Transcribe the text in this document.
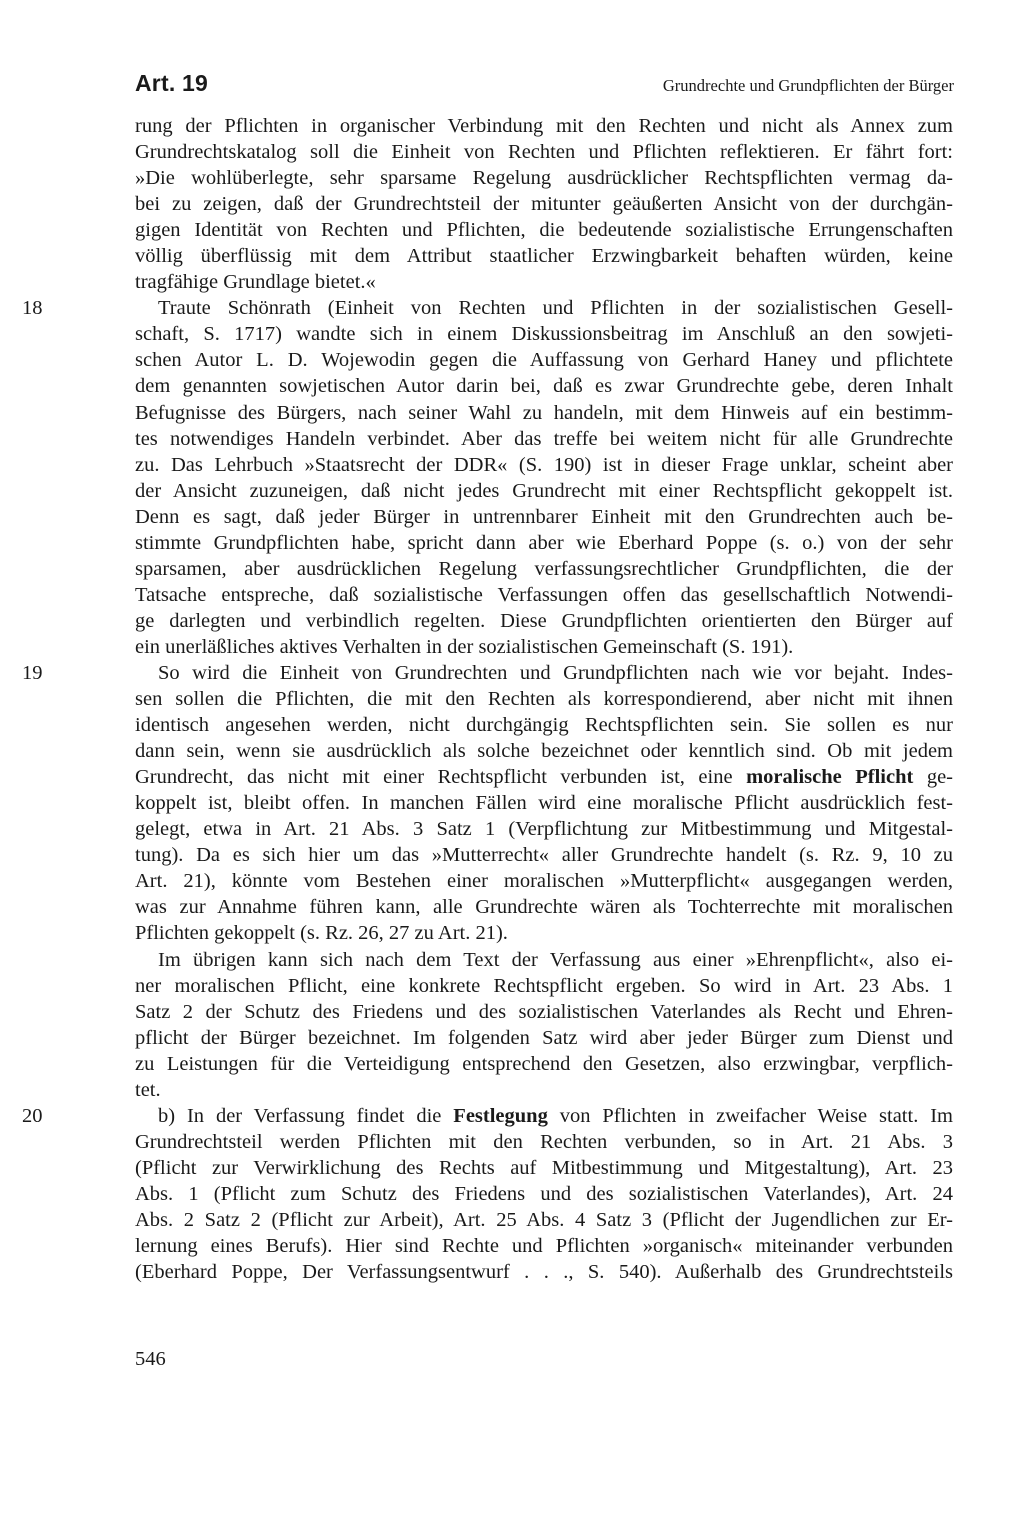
Art. 19	Grundrechte und Grundpflichten der Bürger
rung der Pflichten in organischer Verbindung mit den Rechten und nicht als Annex zum
Grundrechtskatalog soll die Einheit von Rechten und Pflichten reflektieren. Er fährt fort:
»Die wohlüberlegte, sehr sparsame Regelung ausdrücklicher Rechtspflichten vermag da-
bei zu zeigen, daß der Grundrechtsteil der mitunter geäußerten Ansicht von der durchgän-
gigen Identität von Rechten und Pflichten, die bedeutende sozialistische Errungenschaften
völlig überflüssig mit dem Attribut staatlicher Erzwingbarkeit behaften würden, keine
tragfähige Grundlage bietet.«
Traute Schönrath (Einheit von Rechten und Pflichten in der sozialistischen Gesell-
18
schaft, S. 1717) wandte sich in einem Diskussionsbeitrag im Anschluß an den sowjeti-
schen Autor L. D. Wojewodin gegen die Auffassung von Gerhard Haney und pflichtete
dem genannten sowjetischen Autor darin bei, daß es zwar Grundrechte gebe, deren Inhalt
Befugnisse des Bürgers, nach seiner Wahl zu handeln, mit dem Hinweis auf ein bestimm-
tes notwendiges Handeln verbindet. Aber das treffe bei weitem nicht für alle Grundrechte
zu. Das Lehrbuch »Staatsrecht der DDR« (S. 190) ist in dieser Frage unklar, scheint aber
der Ansicht zuzuneigen, daß nicht jedes Grundrecht mit einer Rechtspflicht gekoppelt ist.
Denn es sagt, daß jeder Bürger in untrennbarer Einheit mit den Grundrechten auch be-
stimmte Grundpflichten habe, spricht dann aber wie Eberhard Poppe (s. o.) von der sehr
sparsamen, aber ausdrücklichen Regelung verfassungsrechtlicher Grundpflichten, die der
Tatsache entspreche, daß sozialistische Verfassungen offen das gesellschaftlich Notwendi-
ge darlegten und verbindlich regelten. Diese Grundpflichten orientierten den Bürger auf
ein unerläßliches aktives Verhalten in der sozialistischen Gemeinschaft (S. 191).
So wird die Einheit von Grundrechten und Grundpflichten nach wie vor bejaht. Indes-
19
sen sollen die Pflichten, die mit den Rechten als korrespondierend, aber nicht mit ihnen
identisch angesehen werden, nicht durchgängig Rechtspflichten sein. Sie sollen es nur
dann sein, wenn sie ausdrücklich als solche bezeichnet oder kenntlich sind. Ob mit jedem
Grundrecht, das nicht mit einer Rechtspflicht verbunden ist, eine moralische Pflicht ge-
koppelt ist, bleibt offen. In manchen Fällen wird eine moralische Pflicht ausdrücklich fest-
gelegt, etwa in Art. 21 Abs. 3 Satz 1 (Verpflichtung zur Mitbestimmung und Mitgestal-
tung). Da es sich hier um das »Mutterrecht« aller Grundrechte handelt (s. Rz. 9, 10 zu
Art. 21), könnte vom Bestehen einer moralischen »Mutterpflicht« ausgegangen werden,
was zur Annahme führen kann, alle Grundrechte wären als Tochterrechte mit moralischen
Pflichten gekoppelt (s. Rz. 26, 27 zu Art. 21).
Im übrigen kann sich nach dem Text der Verfassung aus einer »Ehrenpflicht«, also ei-
ner moralischen Pflicht, eine konkrete Rechtspflicht ergeben. So wird in Art. 23 Abs. 1
Satz 2 der Schutz des Friedens und des sozialistischen Vaterlandes als Recht und Ehren-
pflicht der Bürger bezeichnet. Im folgenden Satz wird aber jeder Bürger zum Dienst und
zu Leistungen für die Verteidigung entsprechend den Gesetzen, also erzwingbar, verpflich-
tet.
b) In der Verfassung findet die Festlegung von Pflichten in zweifacher Weise statt. Im
20
Grundrechtsteil werden Pflichten mit den Rechten verbunden, so in Art. 21 Abs. 3
(Pflicht zur Verwirklichung des Rechts auf Mitbestimmung und Mitgestaltung), Art. 23
Abs. 1 (Pflicht zum Schutz des Friedens und des sozialistischen Vaterlandes), Art. 24
Abs. 2 Satz 2 (Pflicht zur Arbeit), Art. 25 Abs. 4 Satz 3 (Pflicht der Jugendlichen zur Er-
lernung eines Berufs). Hier sind Rechte und Pflichten »organisch« miteinander verbunden
(Eberhard Poppe, Der Verfassungsentwurf . . ., S. 540). Außerhalb des Grundrechtsteils
546
